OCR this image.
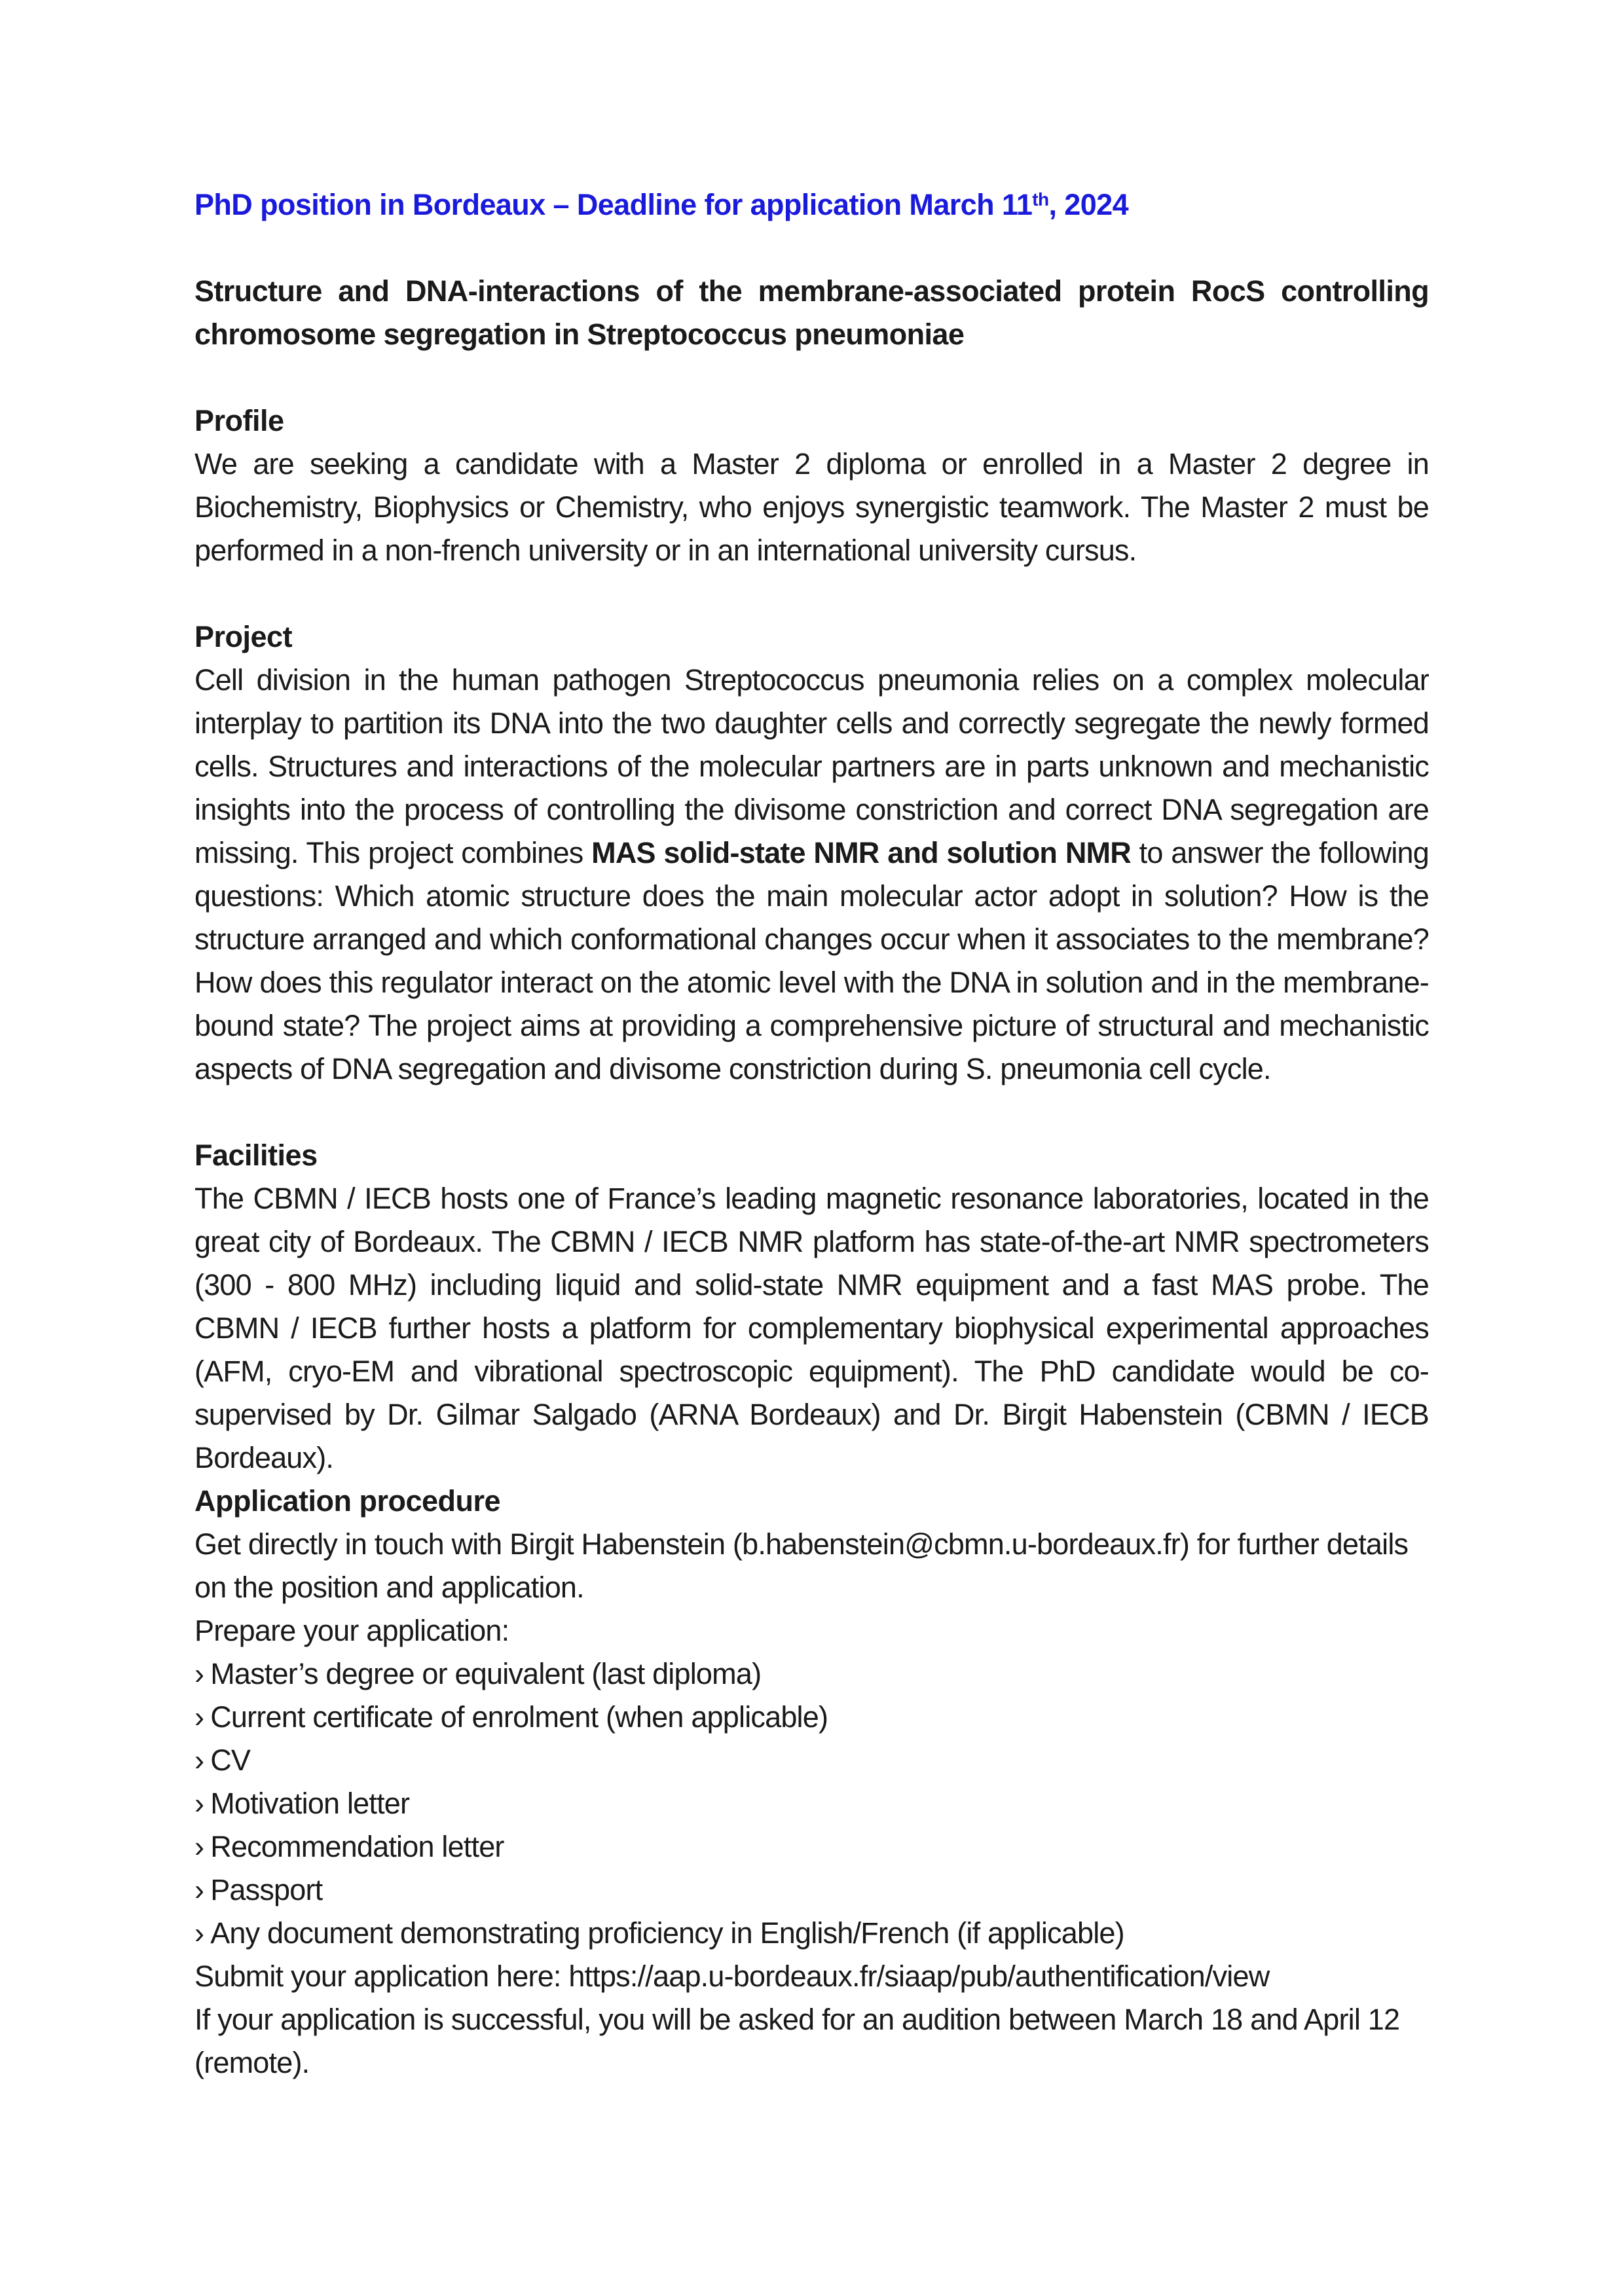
PhD position in Bordeaux – Deadline for application March 11th, 2024
Structure and DNA-interactions of the membrane-associated protein RocS controlling chromosome segregation in Streptococcus pneumoniae
Profile

We are seeking a candidate with a Master 2 diploma or enrolled in a Master 2 degree in Biochemistry, Biophysics or Chemistry, who enjoys synergistic teamwork. The Master 2 must be performed in a non-french university or in an international university cursus.

Project

Cell division in the human pathogen Streptococcus pneumonia relies on a complex molecular interplay to partition its DNA into the two daughter cells and correctly segregate the newly formed cells. Structures and interactions of the molecular partners are in parts unknown and mechanistic insights into the process of controlling the divisome constriction and correct DNA segregation are missing. This project combines MAS solid-state NMR and solution NMR to answer the following questions: Which atomic structure does the main molecular actor adopt in solution? How is the structure arranged and which conformational changes occur when it associates to the membrane? How does this regulator interact on the atomic level with the DNA in solution and in the membrane-bound state? The project aims at providing a comprehensive picture of structural and mechanistic aspects of DNA segregation and divisome constriction during S. pneumonia cell cycle.

Facilities

The CBMN / IECB hosts one of France’s leading magnetic resonance laboratories, located in the great city of Bordeaux. The CBMN / IECB NMR platform has state-of-the-art NMR spectrometers (300 - 800 MHz) including liquid and solid-state NMR equipment and a fast MAS probe. The CBMN / IECB further hosts a platform for complementary biophysical experimental approaches (AFM, cryo-EM and vibrational spectroscopic equipment). The PhD candidate would be co-supervised by Dr. Gilmar Salgado (ARNA Bordeaux) and Dr. Birgit Habenstein (CBMN / IECB Bordeaux).

Application procedure

Get directly in touch with Birgit Habenstein (b.habenstein@cbmn.u-bordeaux.fr) for further details on the position and application.

Prepare your application:
› Master’s degree or equivalent (last diploma)
› Current certificate of enrolment (when applicable)
› CV
› Motivation letter
› Recommendation letter
› Passport
› Any document demonstrating proficiency in English/French (if applicable)
Submit your application here: https://aap.u-bordeaux.fr/siaap/pub/authentification/view
If your application is successful, you will be asked for an audition between March 18 and April 12
(remote).
